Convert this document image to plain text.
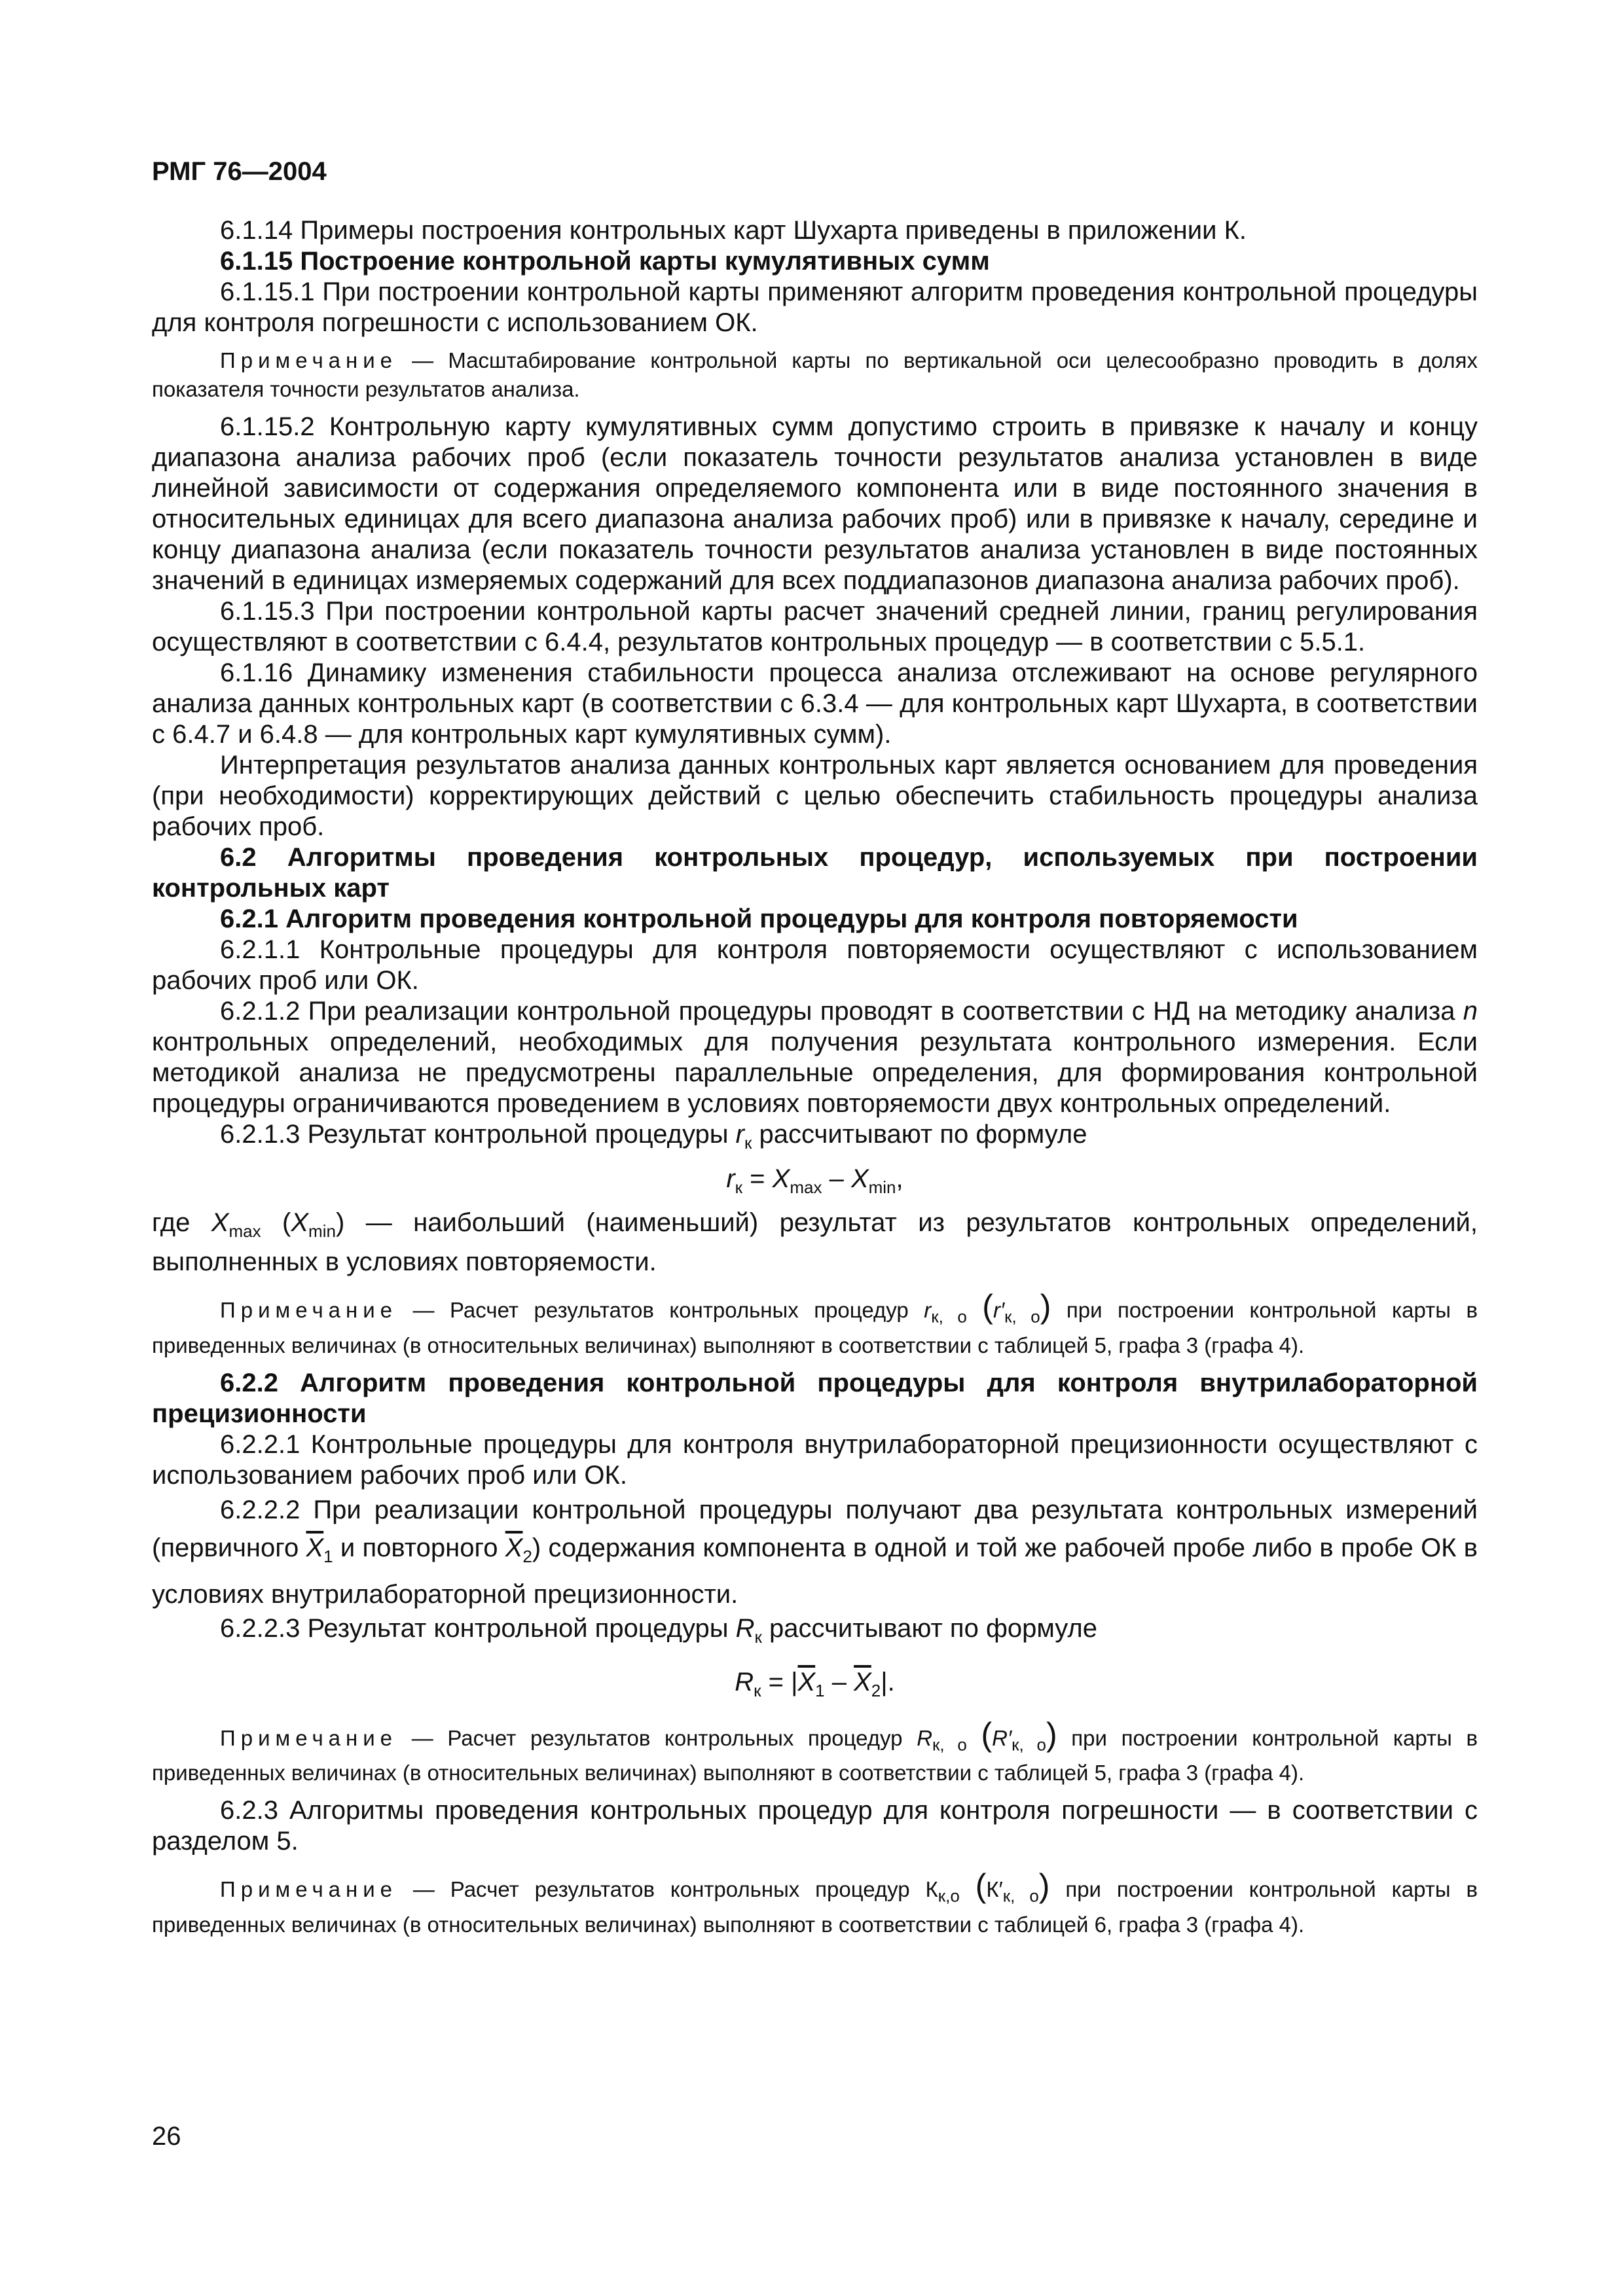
РМГ 76—2004

6.1.14 Примеры построения контрольных карт Шухарта приведены в приложении К.

6.1.15 Построение контрольной карты кумулятивных сумм

6.1.15.1 При построении контрольной карты применяют алгоритм проведения контрольной процедуры для контроля погрешности с использованием ОК.

Примечание — Масштабирование контрольной карты по вертикальной оси целесообразно проводить в долях показателя точности результатов анализа.

6.1.15.2 Контрольную карту кумулятивных сумм допустимо строить в привязке к началу и концу диапазона анализа рабочих проб (если показатель точности результатов анализа установлен в виде линейной зависимости от содержания определяемого компонента или в виде постоянного значения в относительных единицах для всего диапазона анализа рабочих проб) или в привязке к началу, середине и концу диапазона анализа (если показатель точности результатов анализа установлен в виде постоянных значений в единицах измеряемых содержаний для всех поддиапазонов диапазона анализа рабочих проб).

6.1.15.3 При построении контрольной карты расчет значений средней линии, границ регулирования осуществляют в соответствии с 6.4.4, результатов контрольных процедур — в соответствии с 5.5.1.

6.1.16 Динамику изменения стабильности процесса анализа отслеживают на основе регулярного анализа данных контрольных карт (в соответствии с 6.3.4 — для контрольных карт Шухарта, в соответствии с 6.4.7 и 6.4.8 — для контрольных карт кумулятивных сумм).

Интерпретация результатов анализа данных контрольных карт является основанием для проведения (при необходимости) корректирующих действий с целью обеспечить стабильность процедуры анализа рабочих проб.

6.2 Алгоритмы проведения контрольных процедур, используемых при построении контрольных карт

6.2.1 Алгоритм проведения контрольной процедуры для контроля повторяемости

6.2.1.1 Контрольные процедуры для контроля повторяемости осуществляют с использованием рабочих проб или ОК.

6.2.1.2 При реализации контрольной процедуры проводят в соответствии с НД на методику анализа n контрольных определений, необходимых для получения результата контрольного измерения. Если методикой анализа не предусмотрены параллельные определения, для формирования контрольной процедуры ограничиваются проведением в условиях повторяемости двух контрольных определений.

6.2.1.3 Результат контрольной процедуры $r_к$ рассчитывают по формуле

$r_к = X_{max} - X_{min}$,

где $X_{max}$ $(X_{min})$ — наибольший (наименьший) результат из результатов контрольных определений, выполненных в условиях повторяемости.

Примечание — Расчет результатов контрольных процедур $r_{к, о}$ $(r'_{к, о})$ при построении контрольной карты в приведенных величинах (в относительных величинах) выполняют в соответствии с таблицей 5, графа 3 (графа 4).

6.2.2 Алгоритм проведения контрольной процедуры для контроля внутрилабораторной прецизионности

6.2.2.1 Контрольные процедуры для контроля внутрилабораторной прецизионности осуществляют с использованием рабочих проб или ОК.

6.2.2.2 При реализации контрольной процедуры получают два результата контрольных измерений (первичного $\overline{X}_1$ и повторного $\overline{X}_2$) содержания компонента в одной и той же рабочей пробе либо в пробе ОК в условиях внутрилабораторной прецизионности.

6.2.2.3 Результат контрольной процедуры $R_к$ рассчитывают по формуле

$R_к = |\overline{X}_1 - \overline{X}_2|$.

Примечание — Расчет результатов контрольных процедур $R_{к, о}$ $(R'_{к, о})$ при построении контрольной карты в приведенных величинах (в относительных величинах) выполняют в соответствии с таблицей 5, графа 3 (графа 4).

6.2.3 Алгоритмы проведения контрольных процедур для контроля погрешности — в соответствии с разделом 5.

Примечание — Расчет результатов контрольных процедур $К_{к,о}$ $(К'_{к, о})$ при построении контрольной карты в приведенных величинах (в относительных величинах) выполняют в соответствии с таблицей 6, графа 3 (графа 4).

26
